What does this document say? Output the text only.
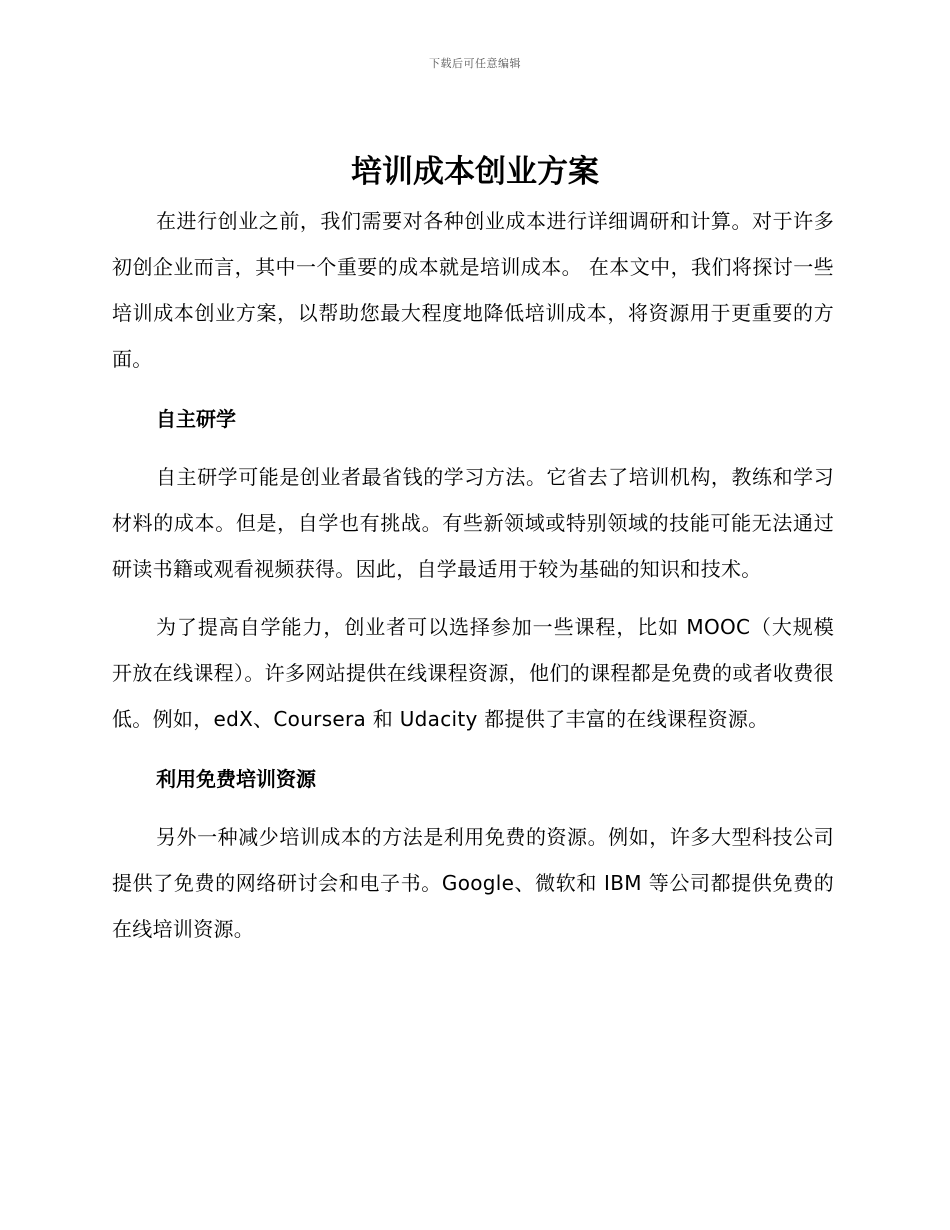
下载后可任意编辑
培训成本创业方案

在进行创业之前，我们需要对各种创业成本进行详细调研和计算。对于许多初创企业而言，其中一个重要的成本就是培训成本。 在本文中，我们将探讨一些培训成本创业方案，以帮助您最大程度地降低培训成本，将资源用于更重要的方面。

自主研学

自主研学可能是创业者最省钱的学习方法。它省去了培训机构，教练和学习材料的成本。但是，自学也有挑战。有些新领域或特别领域的技能可能无法通过研读书籍或观看视频获得。因此，自学最适用于较为基础的知识和技术。

为了提高自学能力，创业者可以选择参加一些课程，比如 MOOC（大规模开放在线课程）。许多网站提供在线课程资源，他们的课程都是免费的或者收费很低。例如，edX、Coursera 和 Udacity 都提供了丰富的在线课程资源。

利用免费培训资源

另外一种减少培训成本的方法是利用免费的资源。例如，许多大型科技公司提供了免费的网络研讨会和电子书。Google、微软和 IBM 等公司都提供免费的在线培训资源。
